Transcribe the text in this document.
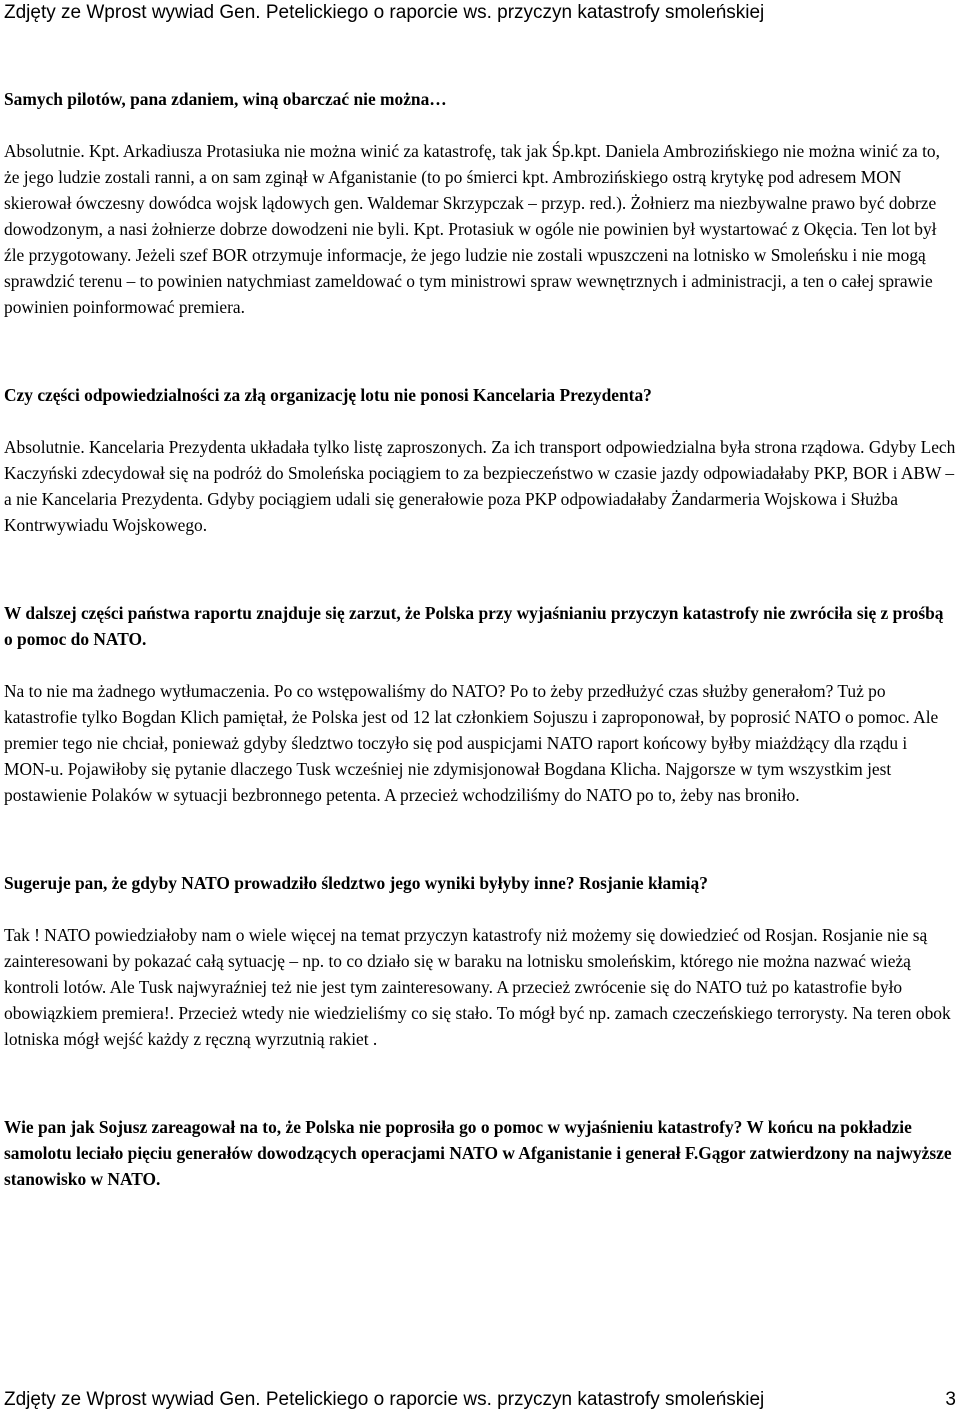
Zdjęty ze Wprost wywiad Gen. Petelickiego o raporcie ws. przyczyn katastrofy smoleńskiej

Samych pilotów, pana zdaniem, winą obarczać nie można…

Absolutnie. Kpt. Arkadiusza Protasiuka nie można winić za katastrofę, tak jak Śp.kpt. Daniela Ambrozińskiego nie można winić za to, że jego ludzie zostali ranni, a on sam zginął w Afganistanie (to po śmierci kpt. Ambrozińskiego ostrą krytykę pod adresem MON skierował ówczesny dowódca wojsk lądowych gen. Waldemar Skrzypczak – przyp. red.). Żołnierz ma niezbywalne prawo być dobrze dowodzonym, a nasi żołnierze dobrze dowodzeni nie byli. Kpt. Protasiuk w ogóle nie powinien był wystartować z Okęcia. Ten lot był źle przygotowany. Jeżeli szef BOR otrzymuje informacje, że jego ludzie nie zostali wpuszczeni na lotnisko w Smoleńsku i nie mogą sprawdzić terenu – to powinien natychmiast zameldować o tym ministrowi spraw wewnętrznych i administracji, a ten o całej sprawie powinien poinformować premiera.

Czy części odpowiedzialności za złą organizację lotu nie ponosi Kancelaria Prezydenta?

Absolutnie. Kancelaria Prezydenta układała tylko listę zaproszonych. Za ich transport odpowiedzialna była strona rządowa. Gdyby Lech Kaczyński zdecydował się na podróż do Smoleńska pociągiem to za bezpieczeństwo w czasie jazdy odpowiadałaby PKP, BOR i ABW – a nie Kancelaria Prezydenta. Gdyby pociągiem udali się generałowie poza PKP odpowiadałaby Żandarmeria Wojskowa i Służba Kontrwywiadu Wojskowego.

W dalszej części państwa raportu znajduje się zarzut, że Polska przy wyjaśnianiu przyczyn katastrofy nie zwróciła się z prośbą o pomoc do NATO.

Na to nie ma żadnego wytłumaczenia. Po co wstępowaliśmy do NATO? Po to żeby przedłużyć czas służby generałom? Tuż po katastrofie tylko Bogdan Klich pamiętał, że Polska jest od 12 lat członkiem Sojuszu i zaproponował, by poprosić NATO o pomoc. Ale premier tego nie chciał, ponieważ gdyby śledztwo toczyło się pod auspicjami NATO raport końcowy byłby miażdżący dla rządu i MON-u. Pojawiłoby się pytanie dlaczego Tusk wcześniej nie zdymisjonował Bogdana Klicha. Najgorsze w tym wszystkim jest postawienie Polaków w sytuacji bezbronnego petenta. A przecież wchodziliśmy do NATO po to, żeby nas broniło.

Sugeruje pan, że gdyby NATO prowadziło śledztwo jego wyniki byłyby inne? Rosjanie kłamią?

Tak ! NATO powiedziałoby nam o wiele więcej na temat przyczyn katastrofy niż możemy się dowiedzieć od Rosjan. Rosjanie nie są zainteresowani by pokazać całą sytuację – np. to co działo się w baraku na lotnisku smoleńskim, którego nie można nazwać wieżą kontroli lotów. Ale Tusk najwyraźniej też nie jest tym zainteresowany. A przecież zwrócenie się do NATO tuż po katastrofie było obowiązkiem premiera!. Przecież wtedy nie wiedzieliśmy co się stało. To mógł być np. zamach czeczeńskiego terrorysty. Na teren obok lotniska mógł wejść każdy z ręczną wyrzutnią rakiet .

Wie pan jak Sojusz zareagował na to, że Polska nie poprosiła go o pomoc w wyjaśnieniu katastrofy? W końcu na pokładzie samolotu leciało pięciu generałów dowodzących operacjami NATO w Afganistanie i generał F.Gągor zatwierdzony na najwyższe stanowisko w NATO.

Zdjęty ze Wprost wywiad Gen. Petelickiego o raporcie ws. przyczyn katastrofy smoleńskiej	3
